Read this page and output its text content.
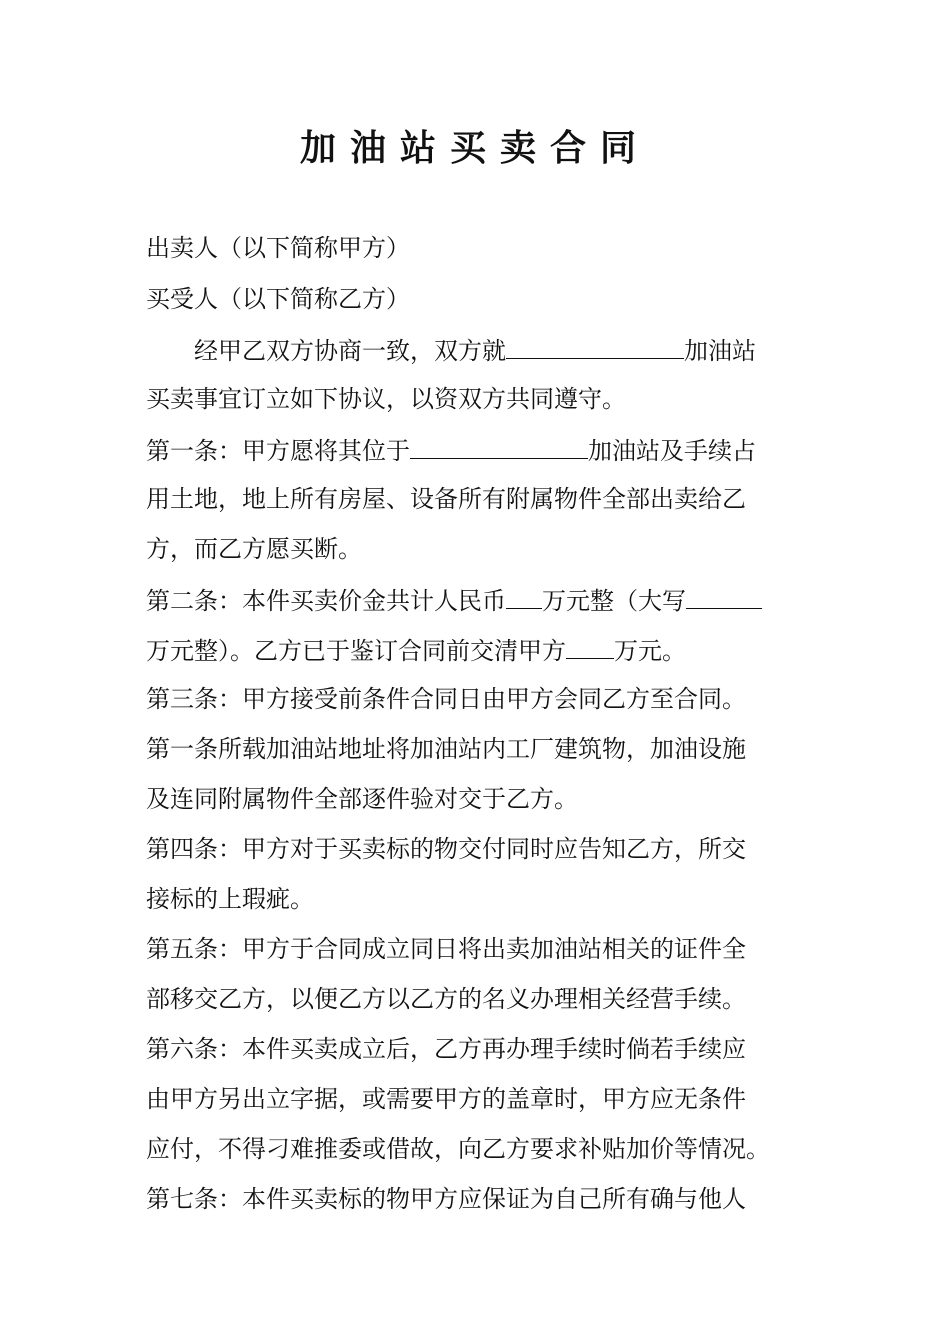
加油站买卖合同
出卖人（以下简称甲方）
买受人（以下简称乙方）
经甲乙双方协商一致，双方就	加油站
买卖事宜订立如下协议，以资双方共同遵守。
第一条：甲方愿将其位于	加油站及手续占
用土地，地上所有房屋、设备所有附属物件全部出卖给乙
方，而乙方愿买断。
第二条：本件买卖价金共计人民币 万元整（大写
万元整）。乙方已于鉴订合同前交清甲方 万元。
第三条：甲方接受前条件合同日由甲方会同乙方至合同。
第一条所载加油站地址将加油站内工厂建筑物，加油设施
及连同附属物件全部逐件验对交于乙方。
第四条：甲方对于买卖标的物交付同时应告知乙方，所交
接标的上瑕疵。
第五条：甲方于合同成立同日将出卖加油站相关的证件全
部移交乙方，以便乙方以乙方的名义办理相关经营手续。
第六条：本件买卖成立后，乙方再办理手续时倘若手续应
由甲方另出立字据，或需要甲方的盖章时，甲方应无条件
应付，不得刁难推委或借故，向乙方要求补贴加价等情况。
第七条：本件买卖标的物甲方应保证为自己所有确与他人
